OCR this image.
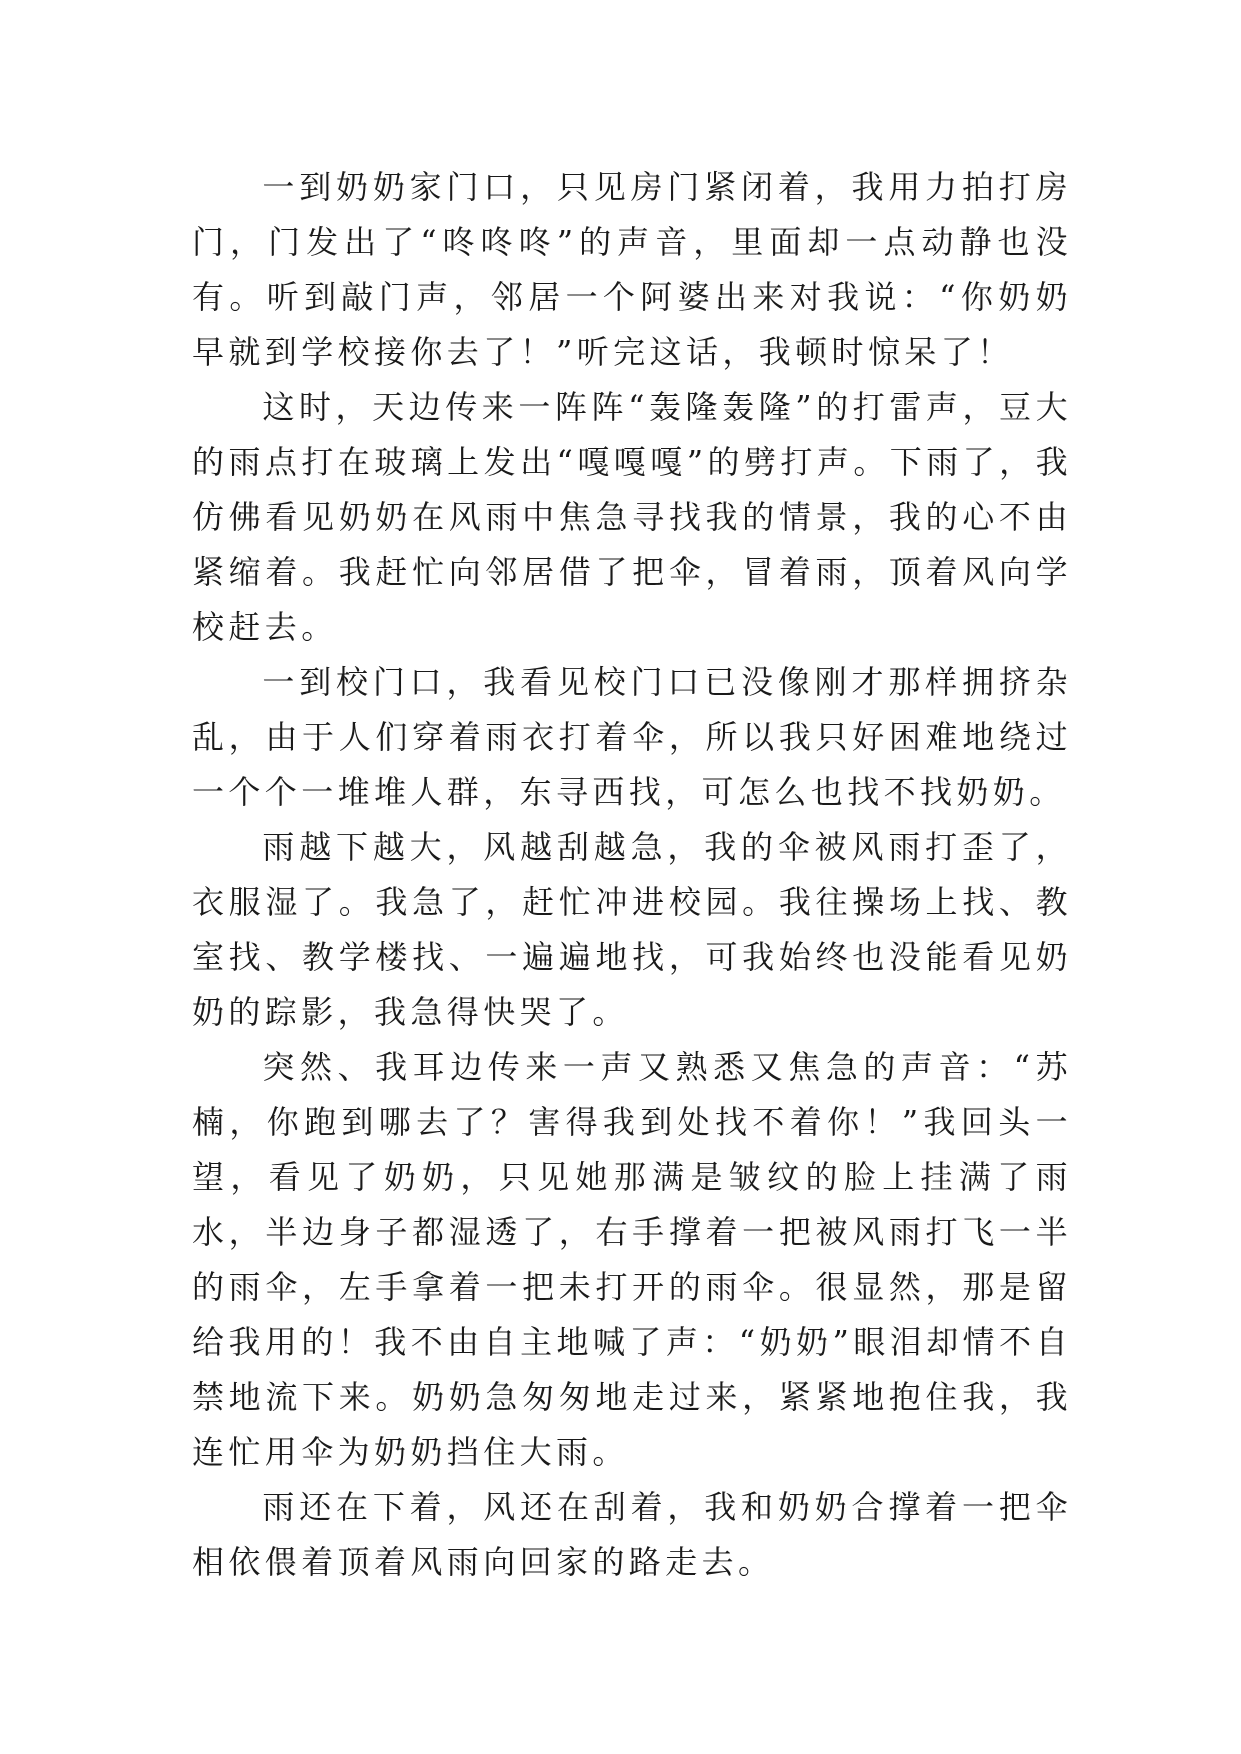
一到奶奶家门口，只见房门紧闭着，我用力拍打房门，门发出了“咚咚咚”的声音，里面却一点动静也没有。听到敲门声，邻居一个阿婆出来对我说：“你奶奶早就到学校接你去了！”听完这话，我顿时惊呆了！

这时，天边传来一阵阵“轰隆轰隆”的打雷声，豆大的雨点打在玻璃上发出“嘎嘎嘎”的劈打声。下雨了，我仿佛看见奶奶在风雨中焦急寻找我的情景，我的心不由紧缩着。我赶忙向邻居借了把伞，冒着雨，顶着风向学校赶去。

一到校门口，我看见校门口已没像刚才那样拥挤杂乱，由于人们穿着雨衣打着伞，所以我只好困难地绕过一个个一堆堆人群，东寻西找，可怎么也找不找奶奶。

雨越下越大，风越刮越急，我的伞被风雨打歪了，衣服湿了。我急了，赶忙冲进校园。我往操场上找、教室找、教学楼找、一遍遍地找，可我始终也没能看见奶奶的踪影，我急得快哭了。

突然、我耳边传来一声又熟悉又焦急的声音：“苏楠，你跑到哪去了？害得我到处找不着你！”我回头一望，看见了奶奶，只见她那满是皱纹的脸上挂满了雨水，半边身子都湿透了，右手撑着一把被风雨打飞一半的雨伞，左手拿着一把未打开的雨伞。很显然，那是留给我用的！我不由自主地喊了声：“奶奶”眼泪却情不自禁地流下来。奶奶急匆匆地走过来，紧紧地抱住我，我连忙用伞为奶奶挡住大雨。

雨还在下着，风还在刮着，我和奶奶合撑着一把伞相依偎着顶着风雨向回家的路走去。
